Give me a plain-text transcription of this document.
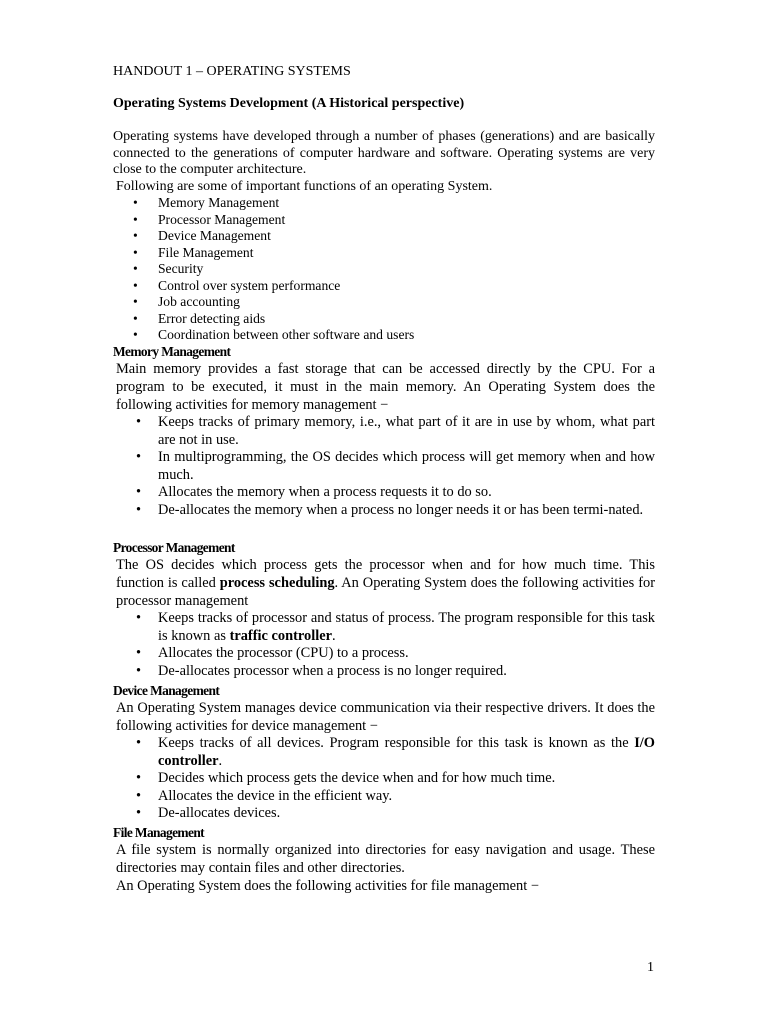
HANDOUT 1 – OPERATING SYSTEMS
Operating Systems Development (A Historical perspective)
Operating systems have developed through a number of phases (generations) and are basically connected to the generations of computer hardware and software. Operating systems are very close to the computer architecture.
Following are some of important functions of an operating System.
• Memory Management
• Processor Management
• Device Management
• File Management
• Security
• Control over system performance
• Job accounting
• Error detecting aids
• Coordination between other software and users
Memory Management
Main memory provides a fast storage that can be accessed directly by the CPU. For a program to be executed, it must in the main memory. An Operating System does the following activities for memory management −
• Keeps tracks of primary memory, i.e., what part of it are in use by whom, what part are not in use.
• In multiprogramming, the OS decides which process will get memory when and how much.
• Allocates the memory when a process requests it to do so.
• De-allocates the memory when a process no longer needs it or has been termi-nated.
Processor Management
The OS decides which process gets the processor when and for how much time. This function is called process scheduling. An Operating System does the following activities for processor management
• Keeps tracks of processor and status of process. The program responsible for this task is known as traffic controller.
• Allocates the processor (CPU) to a process.
• De-allocates processor when a process is no longer required.
Device Management
An Operating System manages device communication via their respective drivers. It does the following activities for device management −
• Keeps tracks of all devices. Program responsible for this task is known as the I/O controller.
• Decides which process gets the device when and for how much time.
• Allocates the device in the efficient way.
• De-allocates devices.
File Management
A file system is normally organized into directories for easy navigation and usage. These directories may contain files and other directories.
An Operating System does the following activities for file management −
1
